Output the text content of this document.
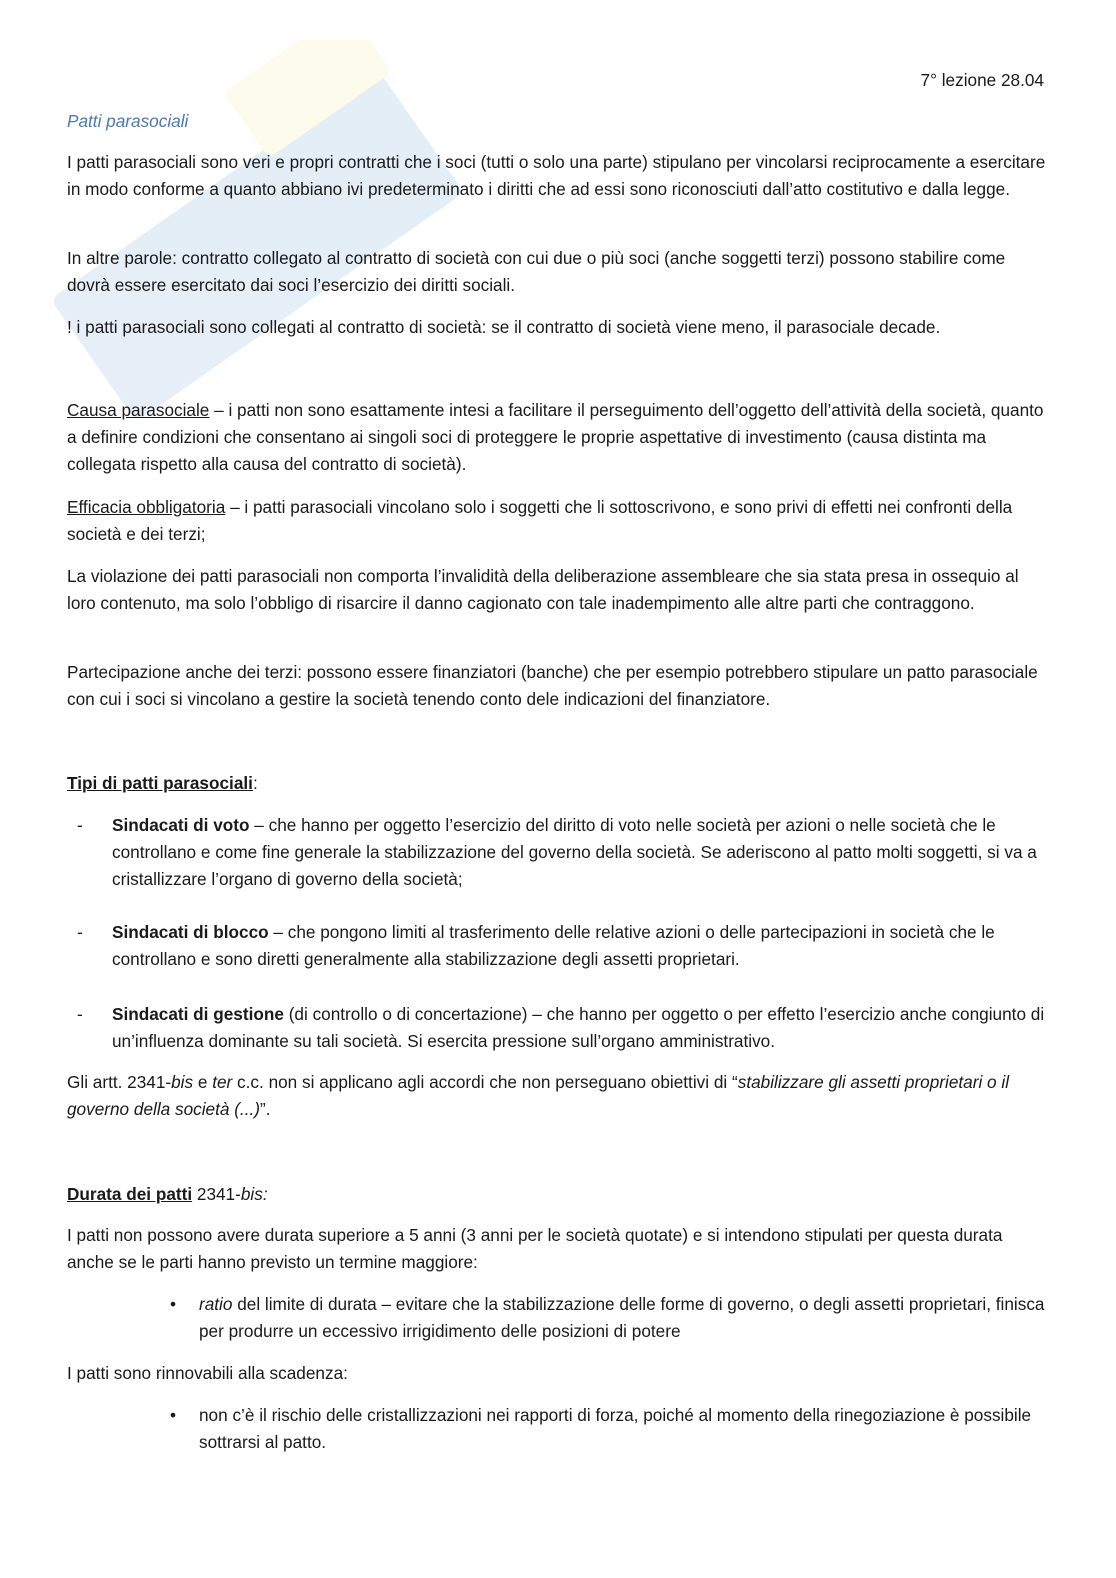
7° lezione 28.04
Patti parasociali

I patti parasociali sono veri e propri contratti che i soci (tutti o solo una parte) stipulano per vincolarsi reciprocamente a esercitare in modo conforme a quanto abbiano ivi predeterminato i diritti che ad essi sono riconosciuti dall’atto costitutivo e dalla legge.

In altre parole: contratto collegato al contratto di società con cui due o più soci (anche soggetti terzi) possono stabilire come dovrà essere esercitato dai soci l’esercizio dei diritti sociali.

! i patti parasociali sono collegati al contratto di società: se il contratto di società viene meno, il parasociale decade.

Causa parasociale – i patti non sono esattamente intesi a facilitare il perseguimento dell’oggetto dell’attività della società, quanto a definire condizioni che consentano ai singoli soci di proteggere le proprie aspettative di investimento (causa distinta ma collegata rispetto alla causa del contratto di società).

Efficacia obbligatoria – i patti parasociali vincolano solo i soggetti che li sottoscrivono, e sono privi di effetti nei confronti della società e dei terzi;

La violazione dei patti parasociali non comporta l’invalidità della deliberazione assembleare che sia stata presa in ossequio al loro contenuto, ma solo l’obbligo di risarcire il danno cagionato con tale inadempimento alle altre parti che contraggono.

Partecipazione anche dei terzi: possono essere finanziatori (banche) che per esempio potrebbero stipulare un patto parasociale con cui i soci si vincolano a gestire la società tenendo conto dele indicazioni del finanziatore.

Tipi di patti parasociali:

- Sindacati di voto – che hanno per oggetto l’esercizio del diritto di voto nelle società per azioni o nelle società che le controllano e come fine generale la stabilizzazione del governo della società. Se aderiscono al patto molti soggetti, si va a cristallizzare l’organo di governo della società;
- Sindacati di blocco – che pongono limiti al trasferimento delle relative azioni o delle partecipazioni in società che le controllano e sono diretti generalmente alla stabilizzazione degli assetti proprietari.
- Sindacati di gestione (di controllo o di concertazione) – che hanno per oggetto o per effetto l’esercizio anche congiunto di un’influenza dominante su tali società. Si esercita pressione sull’organo amministrativo.

Gli artt. 2341-bis e ter c.c. non si applicano agli accordi che non perseguano obiettivi di “stabilizzare gli assetti proprietari o il governo della società (...)”.

Durata dei patti 2341-bis:

I patti non possono avere durata superiore a 5 anni (3 anni per le società quotate) e si intendono stipulati per questa durata anche se le parti hanno previsto un termine maggiore:

• ratio del limite di durata – evitare che la stabilizzazione delle forme di governo, o degli assetti proprietari, finisca per produrre un eccessivo irrigidimento delle posizioni di potere

I patti sono rinnovabili alla scadenza:

• non c’è il rischio delle cristallizzazioni nei rapporti di forza, poiché al momento della rinegoziazione è possibile sottrarsi al patto.
